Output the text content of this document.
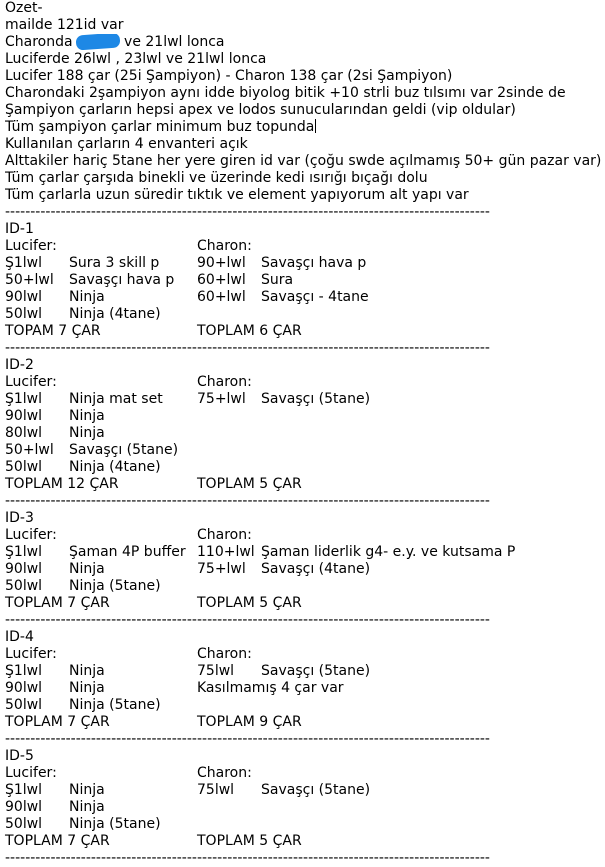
Özet-
mailde 121id var
Charonda	ve 21lwl lonca
Luciferde 26lwl , 23lwl ve 21lwl lonca
Lucifer 188 çar (25i Şampiyon) - Charon 138 çar (2si Şampiyon)
Charondaki 2şampiyon aynı idde biyolog bitik +10 strli buz tılsımı var 2sinde de
Şampiyon çarların hepsi apex ve lodos sunucularından geldi (vip oldular)
Tüm şampiyon çarlar minimum buz topunda
Kullanılan çarların 4 envanteri açık
Alttakiler hariç 5tane her yere giren id var (çoğu swde açılmamış 50+ gün pazar var)
Tüm çarlar çarşıda binekli ve üzerinde kedi ısırığı bıçağı dolu
Tüm çarlarla uzun süredir tıktık ve element yapıyorum alt yapı var
------------------------------------------------------------------------------------------------
ID-1
Lucifer:	Charon:
Ş1lwl Sura 3 skill p	90+lwl Savaşçı hava p
50+lwl Savaşçı hava p 60+lwl Sura
90lwl Ninja	60+lwl Savaşçı - 4tane
50lwl Ninja (4tane)
TOPAM 7 ÇAR	TOPLAM 6 ÇAR
------------------------------------------------------------------------------------------------
ID-2
Lucifer:	Charon:
Ş1lwl Ninja mat set 75+lwl Savaşçı (5tane)
90lwl Ninja
80lwl Ninja
50+lwl Savaşçı (5tane)
50lwl Ninja (4tane)
TOPLAM 12 ÇAR	TOPLAM 5 ÇAR
------------------------------------------------------------------------------------------------
ID-3
Lucifer:	Charon:
Ş1lwl Şaman 4P buffer 110+lwl Şaman liderlik g4- e.y. ve kutsama P
90lwl Ninja	75+lwl Savaşçı (4tane)
50lwl Ninja (5tane)
TOPLAM 7 ÇAR	TOPLAM 5 ÇAR
------------------------------------------------------------------------------------------------
ID-4
Lucifer:	Charon:
Ş1lwl Ninja	75lwl Savaşçı (5tane)
90lwl Ninja	Kasılmamış 4 çar var
50lwl Ninja (5tane)
TOPLAM 7 ÇAR	TOPLAM 9 ÇAR
------------------------------------------------------------------------------------------------
ID-5
Lucifer:	Charon:
Ş1lwl Ninja	75lwl Savaşçı (5tane)
90lwl Ninja
50lwl Ninja (5tane)
TOPLAM 7 ÇAR	TOPLAM 5 ÇAR
------------------------------------------------------------------------------------------------
